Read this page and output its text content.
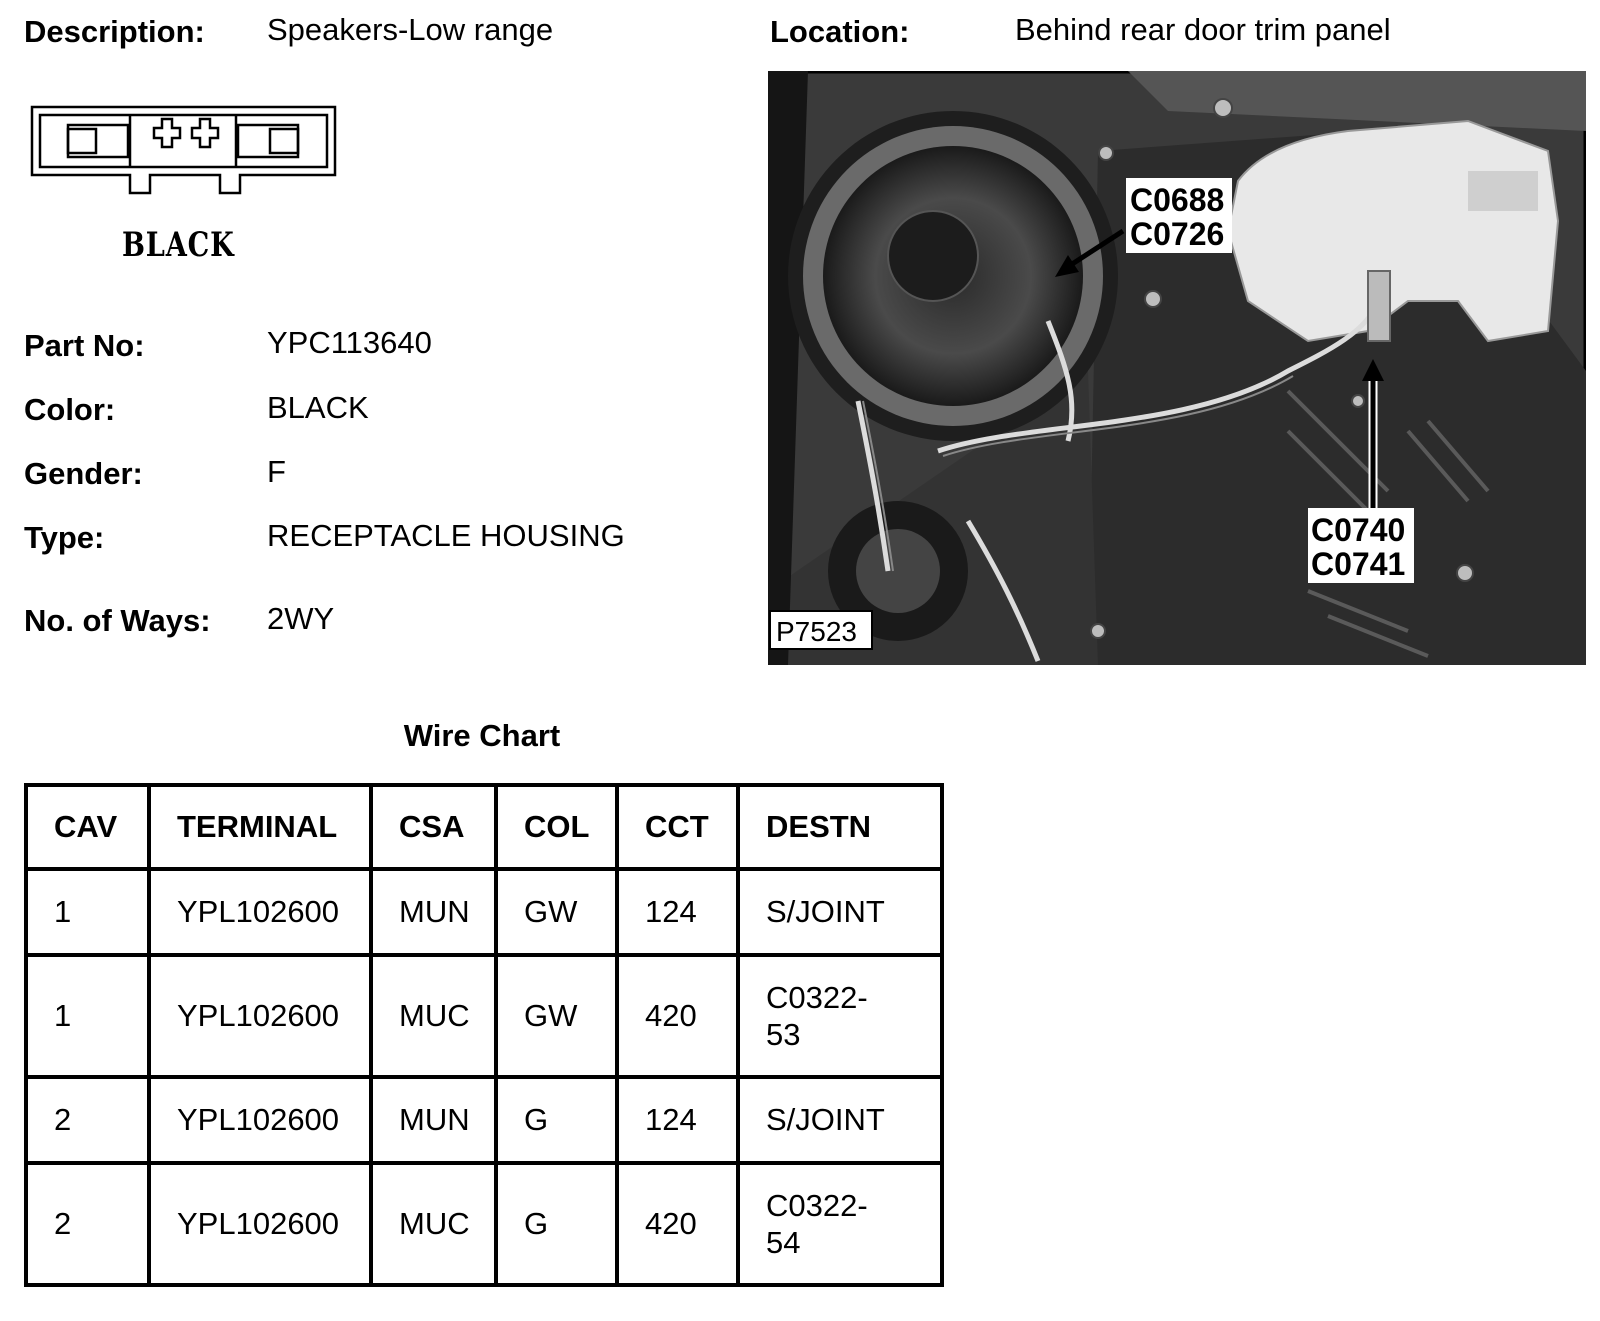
Description: Speakers-Low range	Location:	Behind rear door trim panel
BLACK
Part No:	YPC113640
Color:	BLACK
Gender:	F
Type:	RECEPTACLE HOUSING
No. of Ways: 2WY
C0688
C0726
C0740
C0741
P7523
Wire Chart
CAV	TERMINAL	CSA	COL	CCT	DESTN
1	YPL102600	MUN	GW	124	S/JOINT

1	YPL102600	MUC	GW	420	C0322-
53

2	YPL102600	MUN	G	124	S/JOINT

2	YPL102600	MUC	G	420	C0322-
54
